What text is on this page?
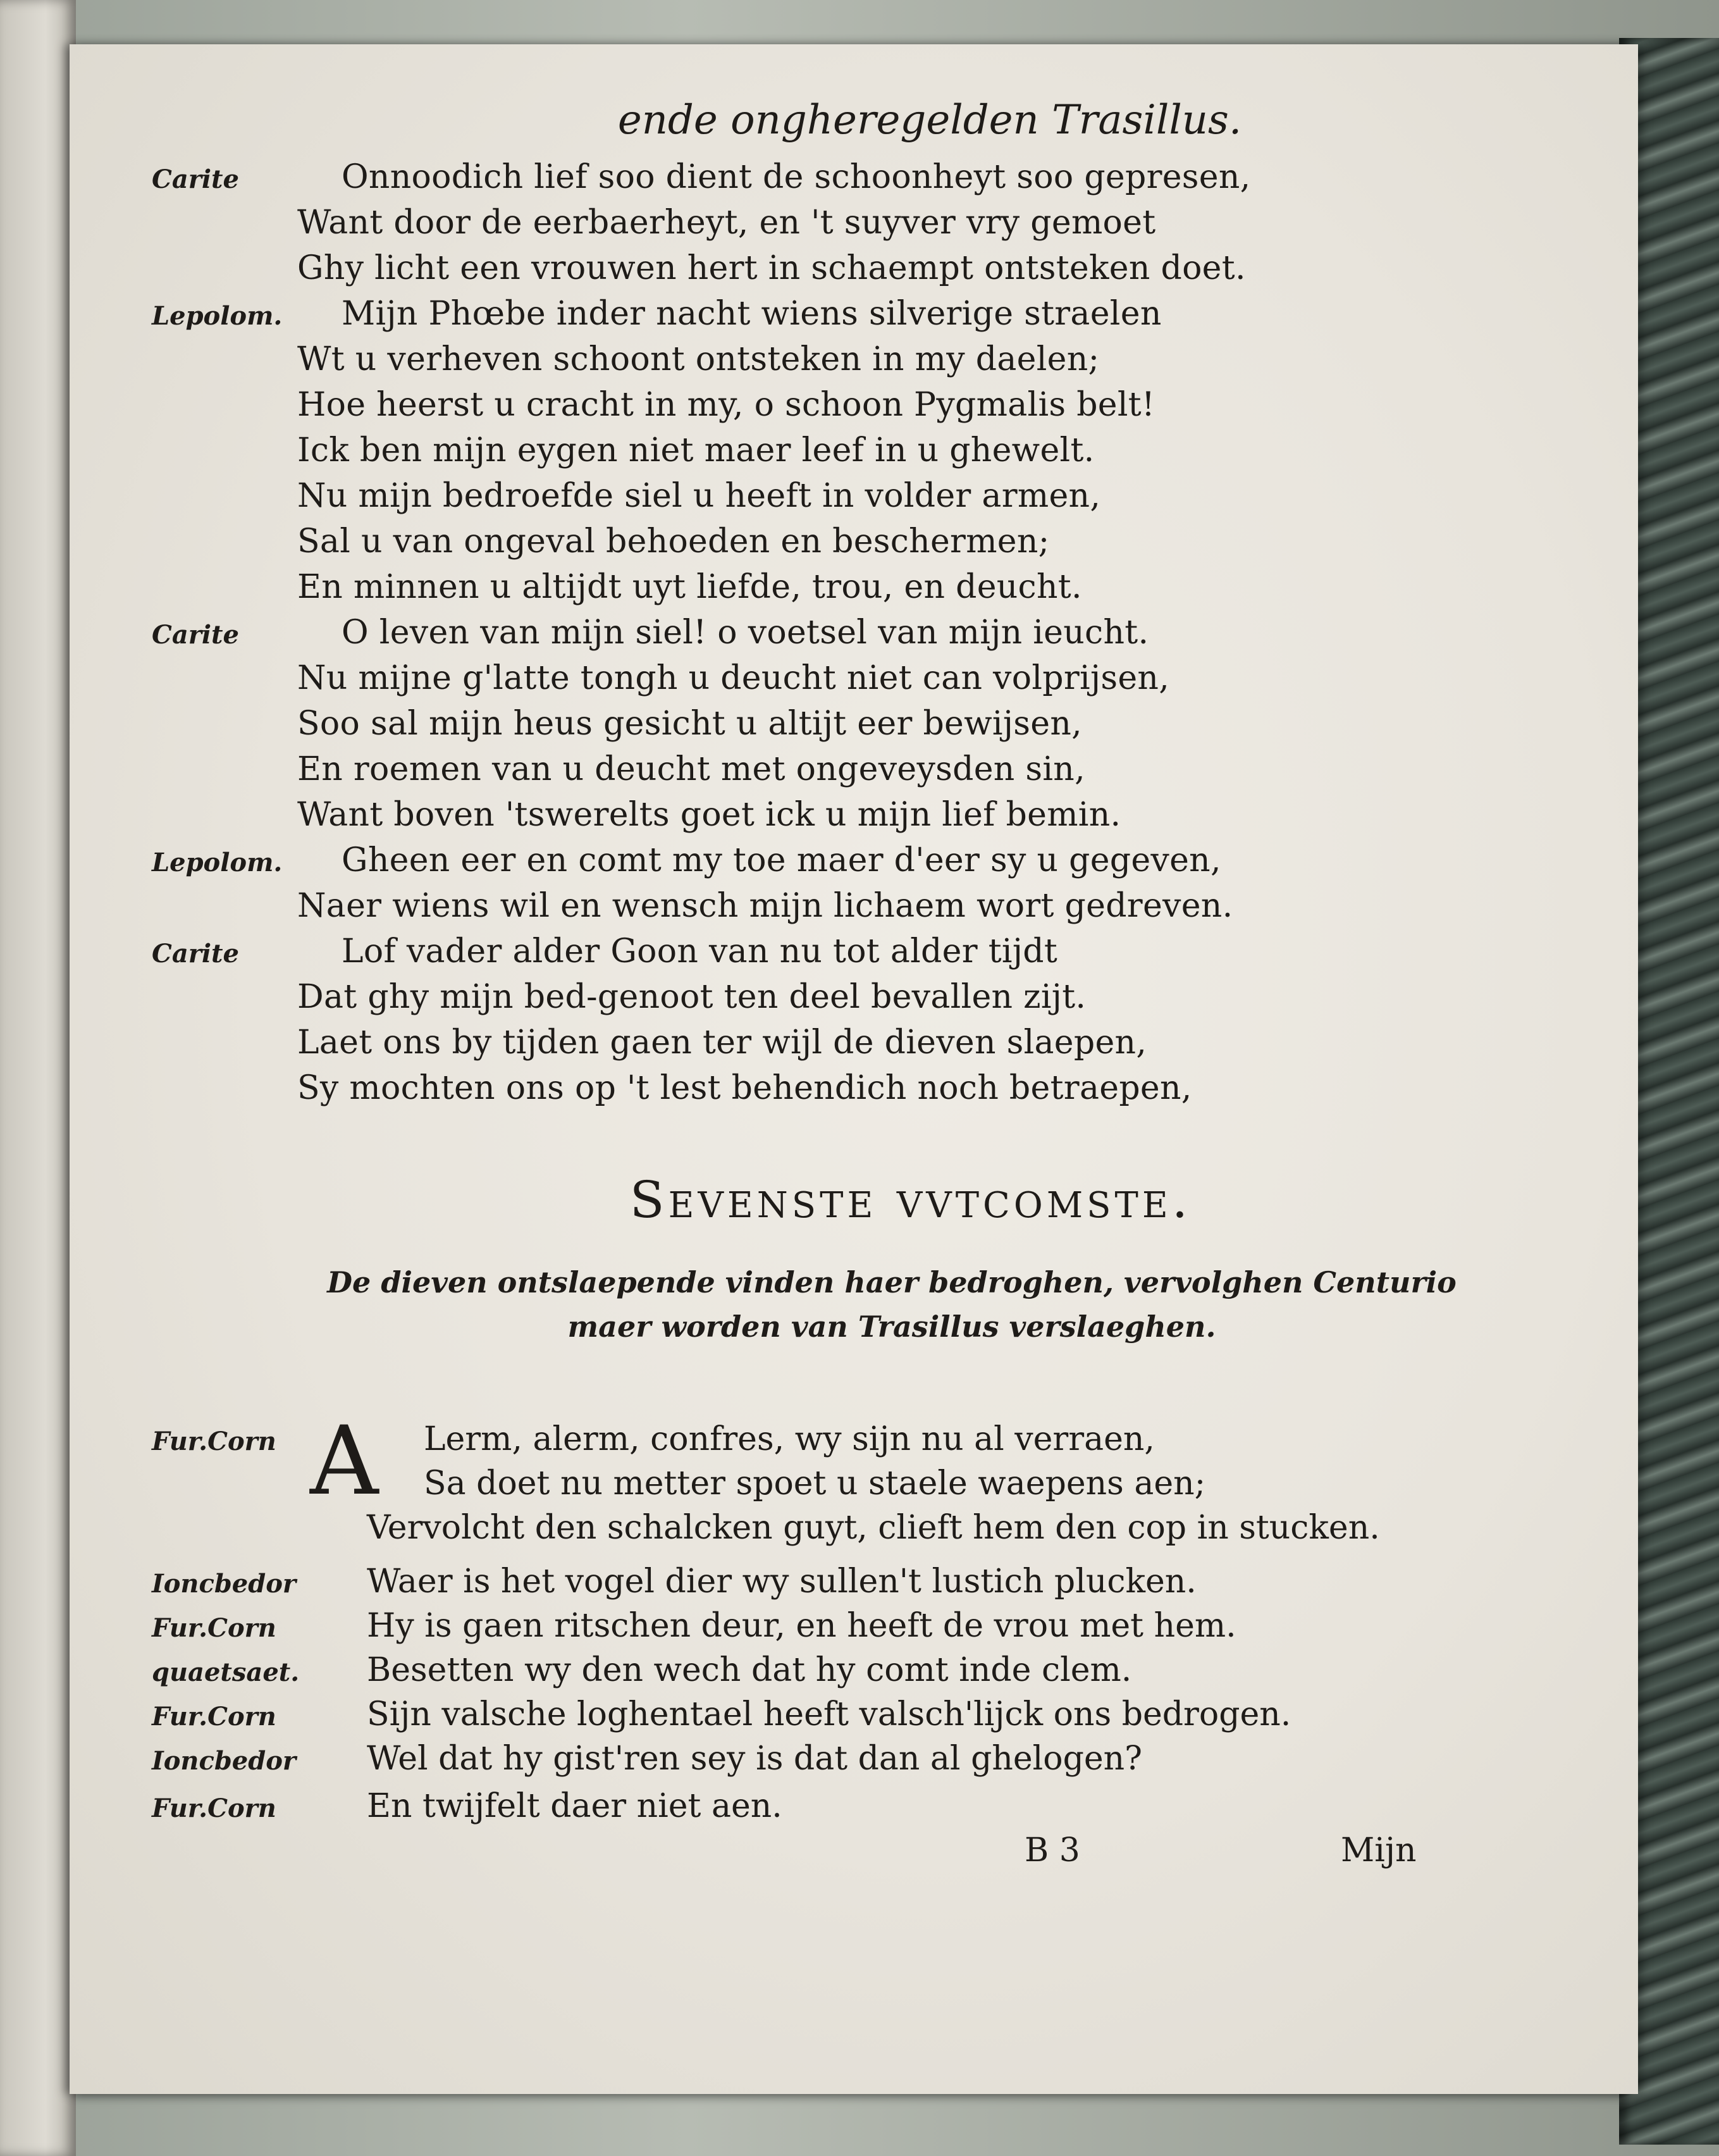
ende ongheregelden Trasillus.
Carite	Onnoodich lief soo dient de schoonheyt soo gepresen,
Want door de eerbaerheyt, en 't suyver vry gemoet
Ghy licht een vrouwen hert in schaempt ontsteken doet.
Lepolom. Mijn Phœbe inder nacht wiens silverige straelen
Wt u verheven schoont ontsteken in my daelen;
Hoe heerst u cracht in my, o schoon Pygmalis belt!
Ick ben mijn eygen niet maer leef in u ghewelt.
Nu mijn bedroefde siel u heeft in volder armen,
Sal u van ongeval behoeden en beschermen;
En minnen u altijdt uyt liefde, trou, en deucht.
Carite	O leven van mijn siel! o voetsel van mijn ieucht.
Nu mijne g'latte tongh u deucht niet can volprijsen,
Soo sal mijn heus gesicht u altijt eer bewijsen,
En roemen van u deucht met ongeveysden sin,
Want boven 'tswerelts goet ick u mijn lief bemin.
Lepolom. Gheen eer en comt my toe maer d'eer sy u gegeven,
Naer wiens wil en wensch mijn lichaem wort gedreven.
Carite	Lof vader alder Goon van nu tot alder tijdt
Dat ghy mijn bed-genoot ten deel bevallen zijt.
Laet ons by tijden gaen ter wijl de dieven slaepen,
Sy mochten ons op 't lest behendich noch betraepen,
Sevenste vvtcomste.
De dieven ontslaepende vinden haer bedroghen, vervolghen Centurio
maer worden van Trasillus verslaeghen.
A
Fur.Corn	Lerm, alerm, confres, wy sijn nu al verraen,
Sa doet nu metter spoet u staele waepens aen;
Vervolcht den schalcken guyt, clieft hem den cop in stucken.
Ioncbedor Waer is het vogel dier wy sullen't lustich plucken.
Fur.Corn	Hy is gaen ritschen deur, en heeft de vrou met hem.
quaetsaet. Besetten wy den wech dat hy comt inde clem.
Fur.Corn	Sijn valsche loghentael heeft valsch'lijck ons bedrogen.
Ioncbedor Wel dat hy gist'ren sey is dat dan al ghelogen?
Fur.Corn	En twijfelt daer niet aen.
B 3	Mijn
